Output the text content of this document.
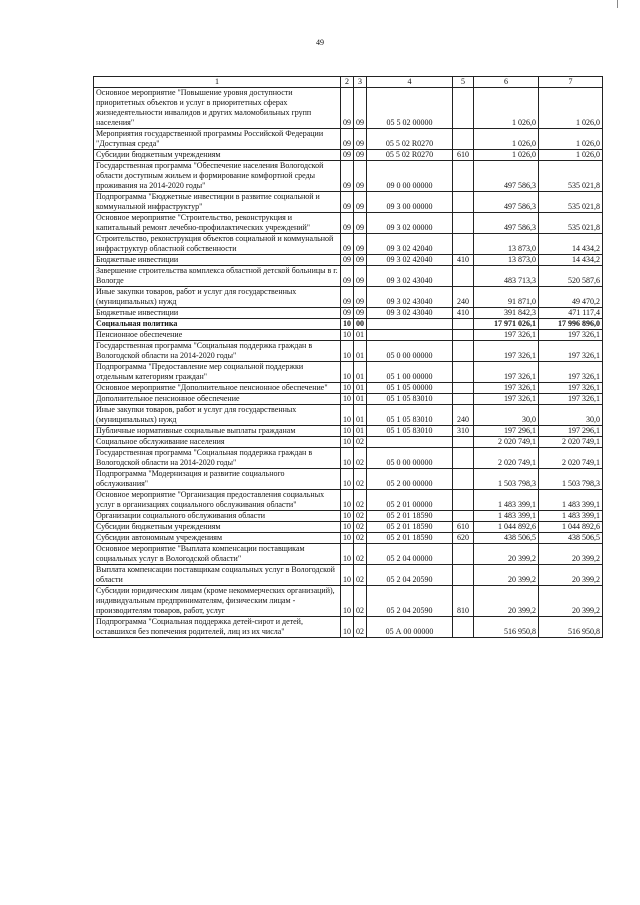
49
1	2	3	4	5	6	7
Основное мероприятие "Повышение уровня доступности приоритетных объектов и услуг в приоритетных сферах жизнедеятельности инвалидов и других маломобильных групп населения"	09	09	05 5 02 00000		1 026,0	1 026,0
Мероприятия государственной программы Российской Федерации "Доступная среда"	09	09	05 5 02 R0270		1 026,0	1 026,0
Субсидии бюджетным учреждениям	09	09	05 5 02 R0270	610	1 026,0	1 026,0
Государственная программа "Обеспечение населения Вологодской области доступным жильем и формирование комфортной среды проживания на 2014-2020 годы"	09	09	09 0 00 00000		497 586,3	535 021,8
Подпрограмма "Бюджетные инвестиции в развитие социальной и коммунальной инфраструктур"	09	09	09 3 00 00000		497 586,3	535 021,8
Основное мероприятие "Строительство, реконструкция и капитальный ремонт лечебно-профилактических учреждений"	09	09	09 3 02 00000		497 586,3	535 021,8
Строительство, реконструкция объектов социальной и коммунальной инфраструктур областной собственности	09	09	09 3 02 42040		13 873,0	14 434,2
Бюджетные инвестиции	09	09	09 3 02 42040	410	13 873,0	14 434,2
Завершение строительства комплекса областной детской больницы в г. Вологде	09	09	09 3 02 43040		483 713,3	520 587,6
Иные закупки товаров, работ и услуг для государственных (муниципальных) нужд	09	09	09 3 02 43040	240	91 871,0	49 470,2
Бюджетные инвестиции	09	09	09 3 02 43040	410	391 842,3	471 117,4
Социальная политика	10	00			17 971 026,1	17 996 896,0
Пенсионное обеспечение	10	01			197 326,1	197 326,1
Государственная программа "Социальная поддержка граждан в Вологодской области на 2014-2020 годы"	10	01	05 0 00 00000		197 326,1	197 326,1
Подпрограмма "Предоставление мер социальной поддержки отдельным категориям граждан"	10	01	05 1 00 00000		197 326,1	197 326,1
Основное мероприятие "Дополнительное пенсионное обеспечение"	10	01	05 1 05 00000		197 326,1	197 326,1
Дополнительное пенсионное обеспечение	10	01	05 1 05 83010		197 326,1	197 326,1
Иные закупки товаров, работ и услуг для государственных (муниципальных) нужд	10	01	05 1 05 83010	240	30,0	30,0
Публичные нормативные социальные выплаты гражданам	10	01	05 1 05 83010	310	197 296,1	197 296,1
Социальное обслуживание населения	10	02			2 020 749,1	2 020 749,1
Государственная программа "Социальная поддержка граждан в Вологодской области на 2014-2020 годы"	10	02	05 0 00 00000		2 020 749,1	2 020 749,1
Подпрограмма "Модернизация и развитие социального обслуживания"	10	02	05 2 00 00000		1 503 798,3	1 503 798,3
Основное мероприятие "Организация предоставления социальных услуг в организациях социального обслуживания области"	10	02	05 2 01 00000		1 483 399,1	1 483 399,1
Организации социального обслуживания области	10	02	05 2 01 18590		1 483 399,1	1 483 399,1
Субсидии бюджетным учреждениям	10	02	05 2 01 18590	610	1 044 892,6	1 044 892,6
Субсидии автономным учреждениям	10	02	05 2 01 18590	620	438 506,5	438 506,5
Основное мероприятие "Выплата компенсации поставщикам социальных услуг в Вологодской области"	10	02	05 2 04 00000		20 399,2	20 399,2
Выплата компенсации поставщикам социальных услуг в Вологодской области	10	02	05 2 04 20590		20 399,2	20 399,2
Субсидии юридическим лицам (кроме некоммерческих организаций), индивидуальным предпринимателям, физическим лицам - производителям товаров, работ, услуг	10	02	05 2 04 20590	810	20 399,2	20 399,2
Подпрограмма "Социальная поддержка детей-сирот и детей, оставшихся без попечения родителей, лиц из их числа"	10	02	05 А 00 00000		516 950,8	516 950,8
